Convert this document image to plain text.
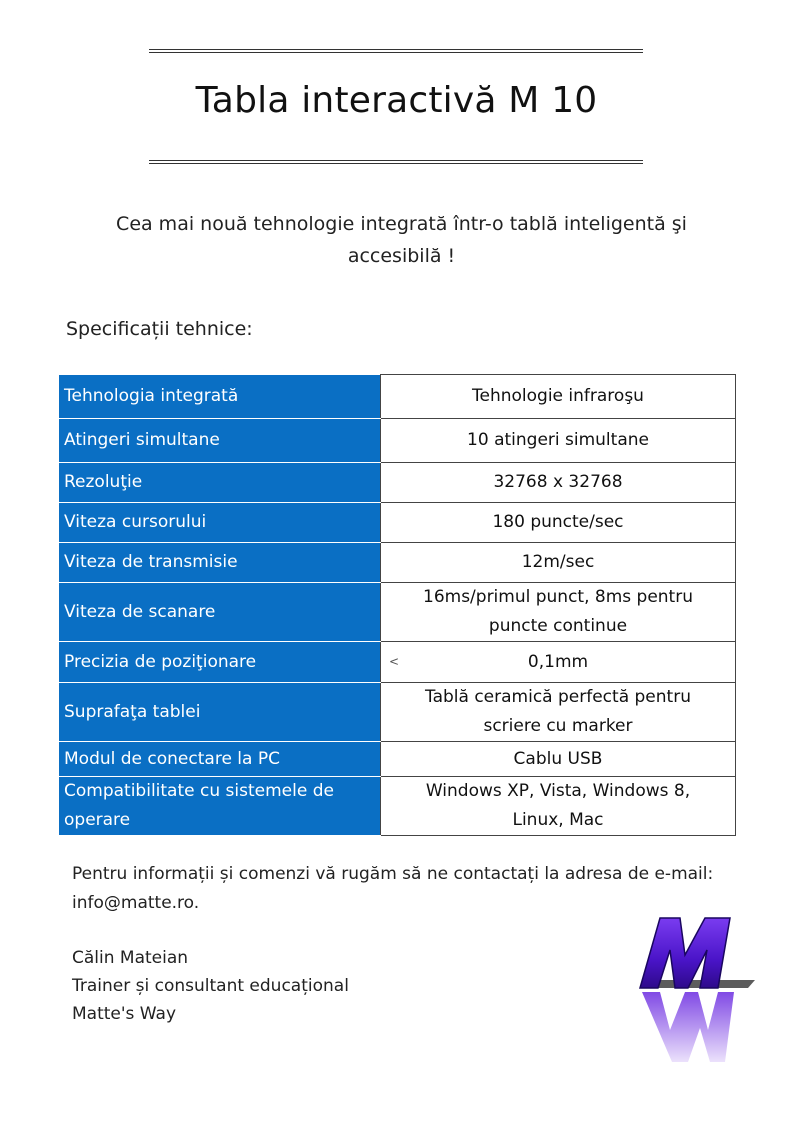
Tabla interactivă M 10
Cea mai nouă tehnologie integrată într-o tablă inteligentă şi accesibilă !
Specificații tehnice:
Tehnologia integrată	Tehnologie infraroşu
Atingeri simultane	10 atingeri simultane
Rezoluţie	32768 x 32768
Viteza cursorului	180 puncte/sec
Viteza de transmisie	12m/sec
Viteza de scanare	16ms/primul punct, 8ms pentru puncte continue
Precizia de poziţionare	< 0,1mm
Suprafaţa tablei	Tablă ceramică perfectă pentru scriere cu marker
Modul de conectare la PC	Cablu USB
Compatibilitate cu sistemele de operare	Windows XP, Vista, Windows 8, Linux, Mac
Pentru informații și comenzi vă rugăm să ne contactați la adresa de e-mail: info@matte.ro.
Călin Mateian
Trainer și consultant educațional
Matte's Way
